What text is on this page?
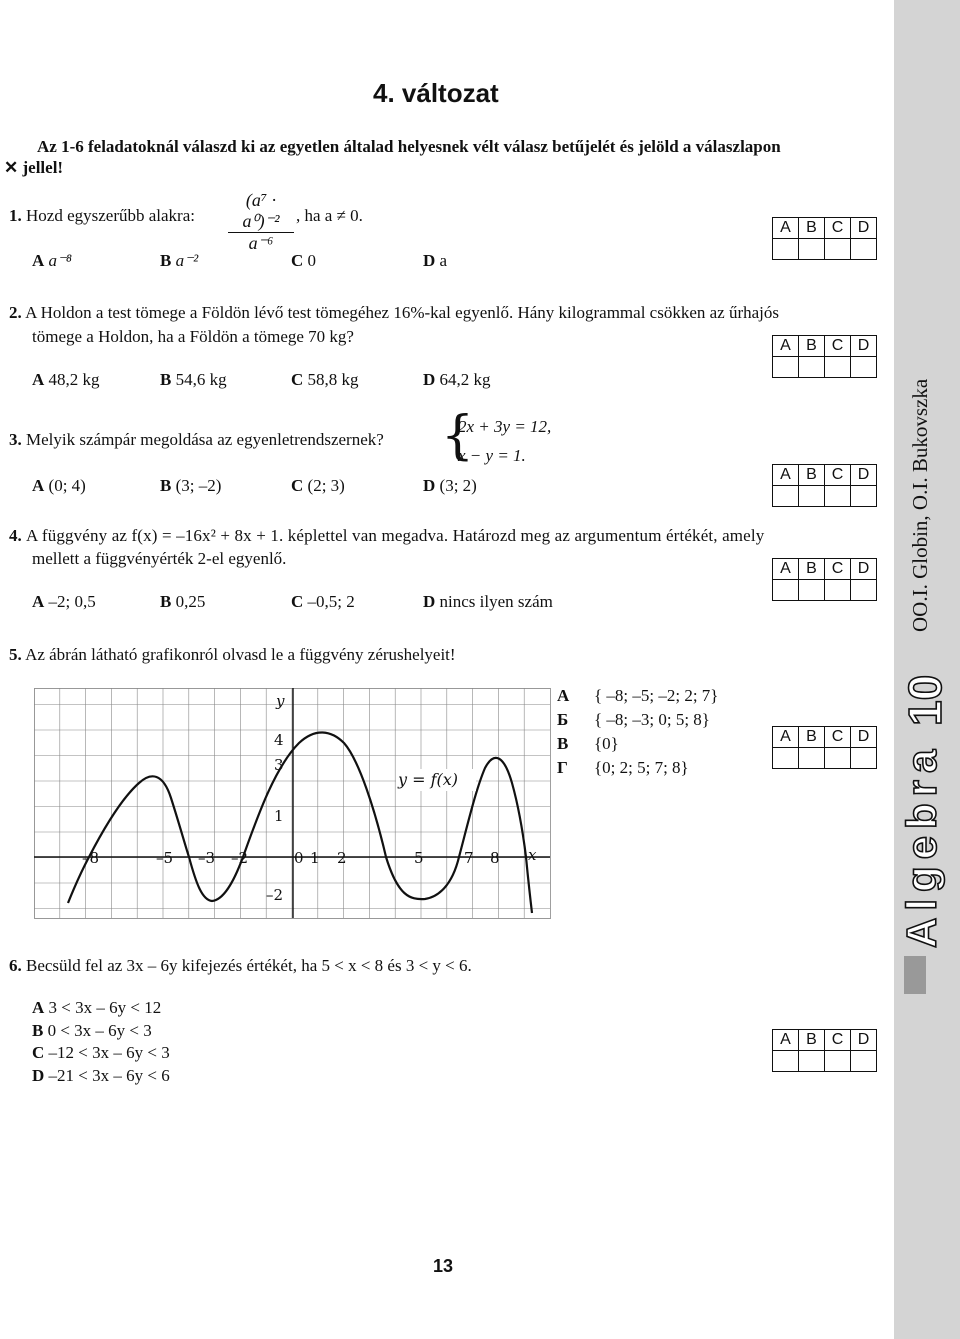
4. változat
Az 1-6 feladatoknál válaszd ki az egyetlen általad helyesnek vélt válasz betűjelét és jelöld a válaszlapon
✕ jellel!
1. Hozd egyszerűbb alakra: $\frac{\text{(a⁷ · a⁰)⁻²}}{\text{a⁻⁶}}$ , ha a ≠ 0.
A a⁻⁸	B a⁻²	C 0	D a
A	B	C	D

2. A Holdon a test tömege a Földön lévő test tömegéhez 16%-kal egyenlő. Hány kilogrammal csökken az űrhajós
tömege a Holdon, ha a Földön a tömege 70 kg?
A 48,2 kg	B 54,6 kg	C 58,8 kg	D 64,2 kg
A	B	C	D

3. Melyik számpár megoldása az egyenletrendszernek? {
2x + 3y = 12,
x − y = 1.
A (0; 4)	B (3; –2)	C (2; 3)	D (3; 2)
A	B	C	D

4. A függvény az f(x) = –16x² + 8x + 1. képlettel van megadva. Határozd meg az argumentum értékét, amely
mellett a függvényérték 2-el egyenlő.
A –2; 0,5	B 0,25	C –0,5; 2	D nincs ilyen szám
A	B	C	D

5. Az ábrán látható grafikonról olvasd le a függvény zérushelyeit!
–8	–5 –3 –2	0 1 2	5	7 8 x
4
3
1
–2
y
y = f(x)
А { –8; –5; –2; 2; 7}
Б { –8; –3; 0; 5; 8}
В {0}
Г {0; 2; 5; 7; 8}
A	B	C	D

6. Becsüld fel az 3x – 6y kifejezés értékét, ha 5 < x < 8 és 3 < y < 6.
A 3 < 3x – 6y < 12
B 0 < 3x – 6y < 3
C –12 < 3x – 6y < 3
D –21 < 3x – 6y < 6
A	B	C	D

13
OO.I. Globin, O.I. Bukovszka
10
Algebra
